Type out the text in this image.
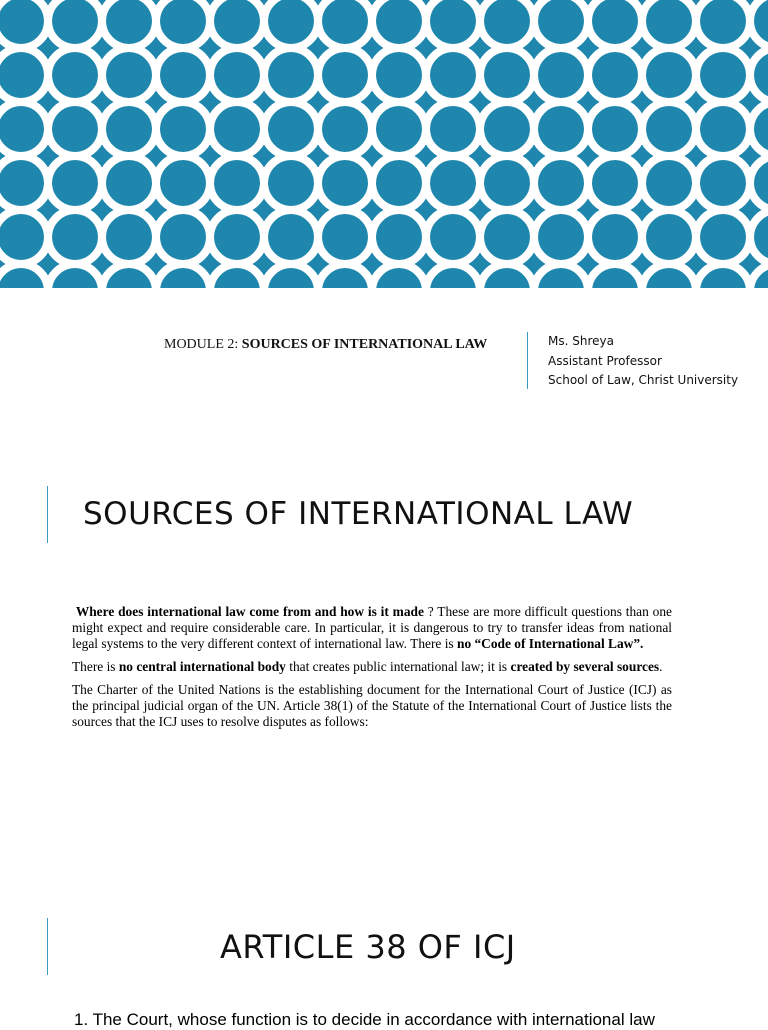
MODULE 2: SOURCES OF INTERNATIONAL LAW	Ms. Shreya
Assistant Professor
School of Law, Christ University
SOURCES OF INTERNATIONAL LAW

Where does international law come from and how is it made ? These are more difficult questions than one might expect and require considerable care. In particular, it is dangerous to try to transfer ideas from national legal systems to the very different context of international law. There is no “Code of International Law”.

There is no central international body that creates public international law; it is created by several sources.

The Charter of the United Nations is the establishing document for the International Court of Justice (ICJ) as the principal judicial organ of the UN. Article 38(1) of the Statute of the International Court of Justice lists the sources that the ICJ uses to resolve disputes as follows:

ARTICLE 38 OF ICJ
1. The Court, whose function is to decide in accordance with international law
